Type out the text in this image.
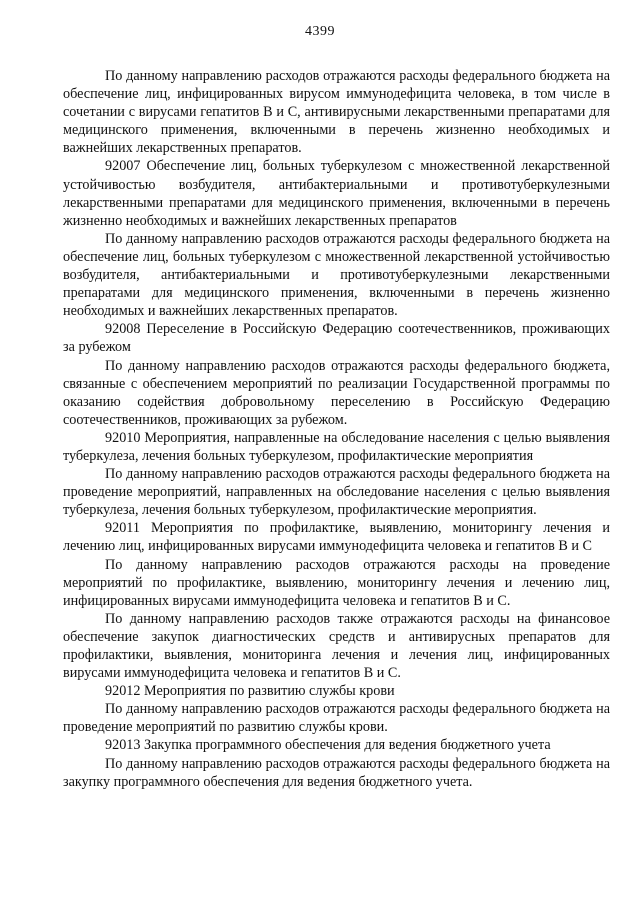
4399

По данному направлению расходов отражаются расходы федерального бюджета на обеспечение лиц, инфицированных вирусом иммунодефицита человека, в том числе в сочетании с вирусами гепатитов B и C, антивирусными лекарственными препаратами для медицинского применения, включенными в перечень жизненно необходимых и важнейших лекарственных препаратов.

92007 Обеспечение лиц, больных туберкулезом с множественной лекарственной устойчивостью возбудителя, антибактериальными и противотуберкулезными лекарственными препаратами для медицинского применения, включенными в перечень жизненно необходимых и важнейших лекарственных препаратов

По данному направлению расходов отражаются расходы федерального бюджета на обеспечение лиц, больных туберкулезом с множественной лекарственной устойчивостью возбудителя, антибактериальными и противотуберкулезными лекарственными препаратами для медицинского применения, включенными в перечень жизненно необходимых и важнейших лекарственных препаратов.

92008 Переселение в Российскую Федерацию соотечественников, проживающих за рубежом

По данному направлению расходов отражаются расходы федерального бюджета, связанные с обеспечением мероприятий по реализации Государственной программы по оказанию содействия добровольному переселению в Российскую Федерацию соотечественников, проживающих за рубежом.

92010 Мероприятия, направленные на обследование населения с целью выявления туберкулеза, лечения больных туберкулезом, профилактические мероприятия

По данному направлению расходов отражаются расходы федерального бюджета на проведение мероприятий, направленных на обследование населения с целью выявления туберкулеза, лечения больных туберкулезом, профилактические мероприятия.

92011 Мероприятия по профилактике, выявлению, мониторингу лечения и лечению лиц, инфицированных вирусами иммунодефицита человека и гепатитов B и C

По данному направлению расходов отражаются расходы на проведение мероприятий по профилактике, выявлению, мониторингу лечения и лечению лиц, инфицированных вирусами иммунодефицита человека и гепатитов B и C.

По данному направлению расходов также отражаются расходы на финансовое обеспечение закупок диагностических средств и антивирусных препаратов для профилактики, выявления, мониторинга лечения и лечения лиц, инфицированных вирусами иммунодефицита человека и гепатитов B и C.

92012 Мероприятия по развитию службы крови

По данному направлению расходов отражаются расходы федерального бюджета на проведение мероприятий по развитию службы крови.

92013 Закупка программного обеспечения для ведения бюджетного учета

По данному направлению расходов отражаются расходы федерального бюджета на закупку программного обеспечения для ведения бюджетного учета.
